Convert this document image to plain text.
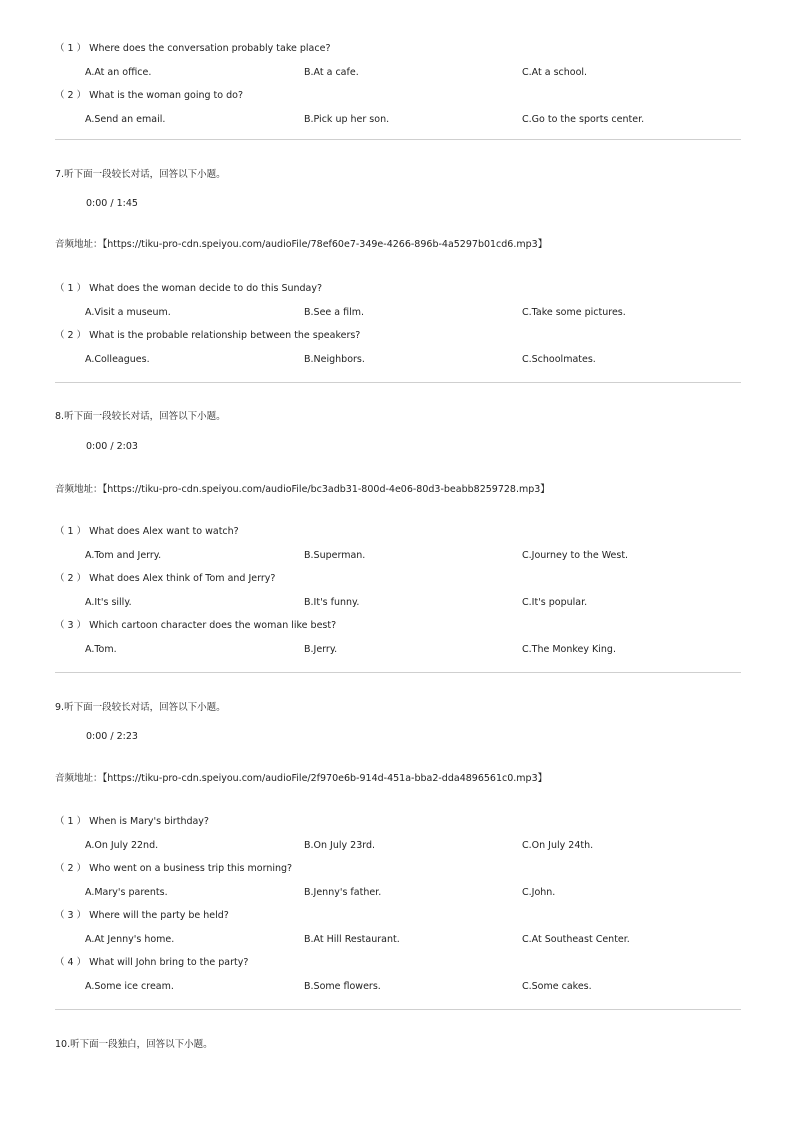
（ 1 ） Where does the conversation probably take place?
A.At an office.	B.At a cafe.	C.At a school.
（ 2 ） What is the woman going to do?
A.Send an email.	B.Pick up her son.	C.Go to the sports center.
7.听下面一段较长对话，回答以下小题。
0:00 / 1:45
音频地址：【https://tiku-pro-cdn.speiyou.com/audioFile/78ef60e7-349e-4266-896b-4a5297b01cd6.mp3】
（ 1 ） What does the woman decide to do this Sunday?
A.Visit a museum.	B.See a film.	C.Take some pictures.
（ 2 ） What is the probable relationship between the speakers?
A.Colleagues.	B.Neighbors.	C.Schoolmates.
8.听下面一段较长对话，回答以下小题。
0:00 / 2:03
音频地址：【https://tiku-pro-cdn.speiyou.com/audioFile/bc3adb31-800d-4e06-80d3-beabb8259728.mp3】
（ 1 ） What does Alex want to watch?
A.Tom and Jerry.	B.Superman.	C.Journey to the West.
（ 2 ） What does Alex think of Tom and Jerry?
A.It's silly.	B.It's funny.	C.It's popular.
（ 3 ） Which cartoon character does the woman like best?
A.Tom.	B.Jerry.	C.The Monkey King.
9.听下面一段较长对话，回答以下小题。
0:00 / 2:23
音频地址：【https://tiku-pro-cdn.speiyou.com/audioFile/2f970e6b-914d-451a-bba2-dda4896561c0.mp3】
（ 1 ） When is Mary's birthday?
A.On July 22nd.	B.On July 23rd.	C.On July 24th.
（ 2 ） Who went on a business trip this morning?
A.Mary's parents.	B.Jenny's father.	C.John.
（ 3 ） Where will the party be held?
A.At Jenny's home.	B.At Hill Restaurant.	C.At Southeast Center.
（ 4 ） What will John bring to the party?
A.Some ice cream.	B.Some flowers.	C.Some cakes.
10.听下面一段独白，回答以下小题。
